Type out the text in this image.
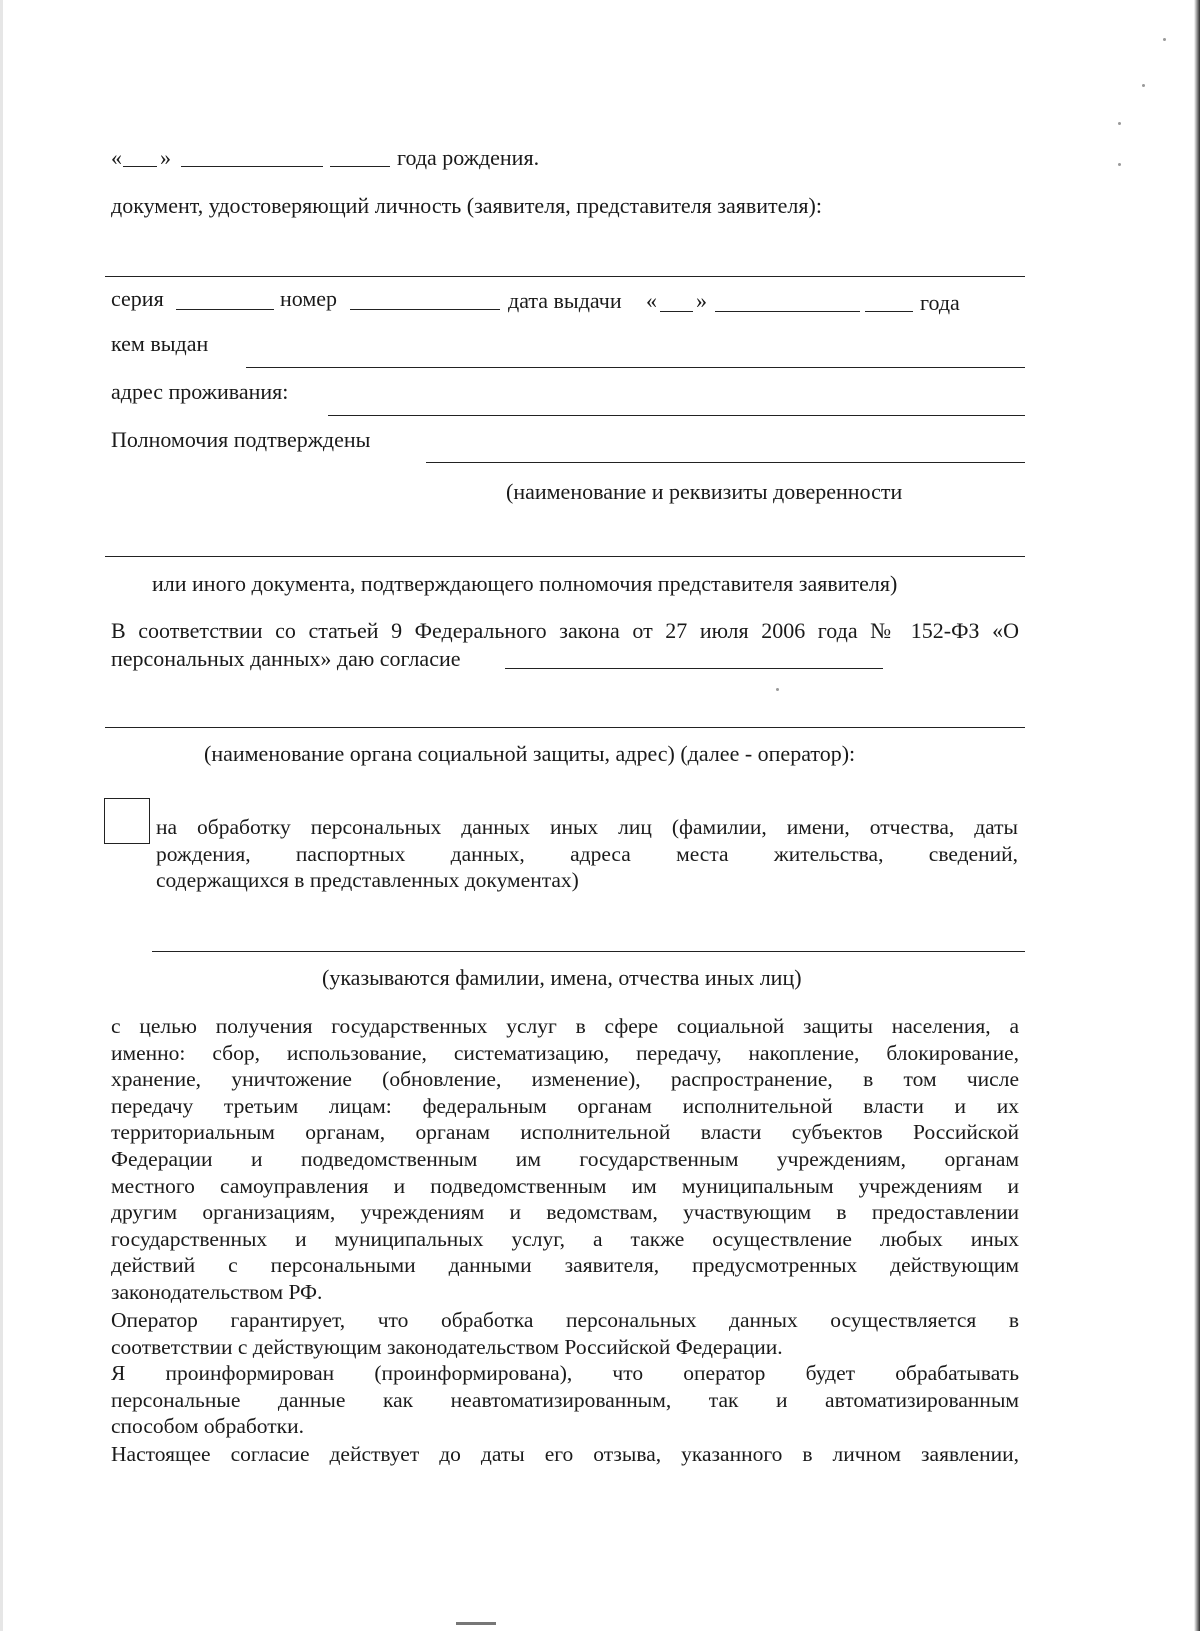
« »	года рождения.
документ, удостоверяющий личность (заявителя, представителя заявителя):
серия	номер	дата выдачи « »	года
кем выдан
адрес проживания:
Полномочия подтверждены
(наименование и реквизиты доверенности
или иного документа, подтверждающего полномочия представителя заявителя)
В соответствии со статьей 9 Федерального закона от 27 июля 2006 года № 152-ФЗ «О
персональных данных» даю согласие
(наименование органа социальной защиты, адрес) (далее - оператор):
на обработку персональных данных иных лиц (фамилии, имени, отчества, даты
рождения, паспортных данных, адреса места жительства, сведений,
содержащихся в представленных документах)
(указываются фамилии, имена, отчества иных лиц)
с целью получения государственных услуг в сфере социальной защиты населения, а
именно: сбор, использование, систематизацию, передачу, накопление, блокирование,
хранение, уничтожение (обновление, изменение), распространение, в том числе
передачу третьим лицам: федеральным органам исполнительной власти и их
территориальным органам, органам исполнительной власти субъектов Российской
Федерации и подведомственным им государственным учреждениям, органам
местного самоуправления и подведомственным им муниципальным учреждениям и
другим организациям, учреждениям и ведомствам, участвующим в предоставлении
государственных и муниципальных услуг, а также осуществление любых иных
действий с персональными данными заявителя, предусмотренных действующим
законодательством РФ.
Оператор гарантирует, что обработка персональных данных осуществляется в
соответствии с действующим законодательством Российской Федерации.
Я проинформирован (проинформирована), что оператор будет обрабатывать
персональные данные как неавтоматизированным, так и автоматизированным
способом обработки.
Настоящее согласие действует до даты его отзыва, указанного в личном заявлении,
